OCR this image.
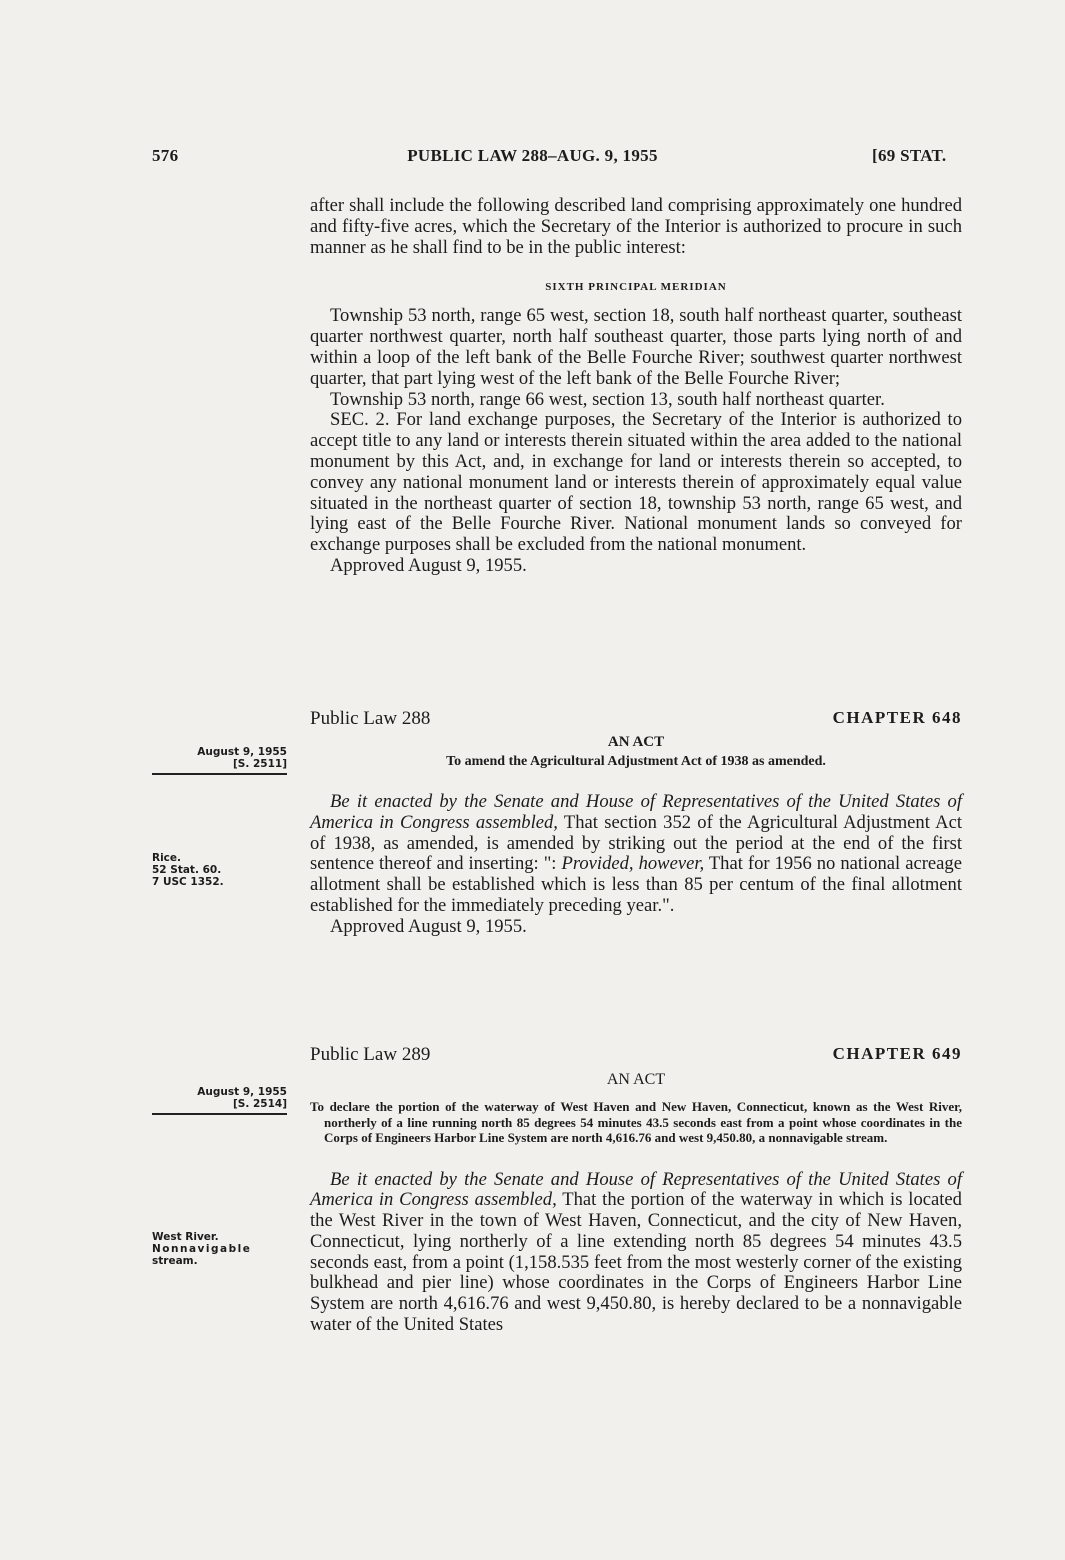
576	PUBLIC LAW 288–AUG. 9, 1955	[69 STAT.

after shall include the following described land comprising approximately one hundred and fifty-five acres, which the Secretary of the Interior is authorized to procure in such manner as he shall find to be in the public interest:

SIXTH PRINCIPAL MERIDIAN

Township 53 north, range 65 west, section 18, south half northeast quarter, southeast quarter northwest quarter, north half southeast quarter, those parts lying north of and within a loop of the left bank of the Belle Fourche River; southwest quarter northwest quarter, that part lying west of the left bank of the Belle Fourche River;

Township 53 north, range 66 west, section 13, south half northeast quarter.

SEC. 2. For land exchange purposes, the Secretary of the Interior is authorized to accept title to any land or interests therein situated within the area added to the national monument by this Act, and, in exchange for land or interests therein so accepted, to convey any national monument land or interests therein of approximately equal value situated in the northeast quarter of section 18, township 53 north, range 65 west, and lying east of the Belle Fourche River. National monument lands so conveyed for exchange purposes shall be excluded from the national monument.

Approved August 9, 1955.

Public Law 288	CHAPTER 648
August 9, 1955
[S. 2511]

AN ACT

To amend the Agricultural Adjustment Act of 1938 as amended.

Be it enacted by the Senate and House of Representatives of the United States of America in Congress assembled, That section 352 of the Agricultural Adjustment Act of 1938, as amended, is amended by striking out the period at the end of the first sentence thereof and inserting: ": Provided, however, That for 1956 no national acreage allotment shall be established which is less than 85 per centum of the final allotment established for the immediately preceding year.".

Approved August 9, 1955.

Rice.
52 Stat. 60.
7 USC 1352.
Public Law 289	CHAPTER 649
August 9, 1955
[S. 2514]

AN ACT

To declare the portion of the waterway of West Haven and New Haven, Connecticut, known as the West River, northerly of a line running north 85 degrees 54 minutes 43.5 seconds east from a point whose coordinates in the Corps of Engineers Harbor Line System are north 4,616.76 and west 9,450.80, a nonnavigable stream.

Be it enacted by the Senate and House of Representatives of the United States of America in Congress assembled, That the portion of the waterway in which is located the West River in the town of West Haven, Connecticut, and the city of New Haven, Connecticut, lying northerly of a line extending north 85 degrees 54 minutes 43.5 seconds east, from a point (1,158.535 feet from the most westerly corner of the existing bulkhead and pier line) whose coordinates in the Corps of Engineers Harbor Line System are north 4,616.76 and west 9,450.80, is hereby declared to be a nonnavigable water of the United States

West River.
Nonnavigable
stream.
